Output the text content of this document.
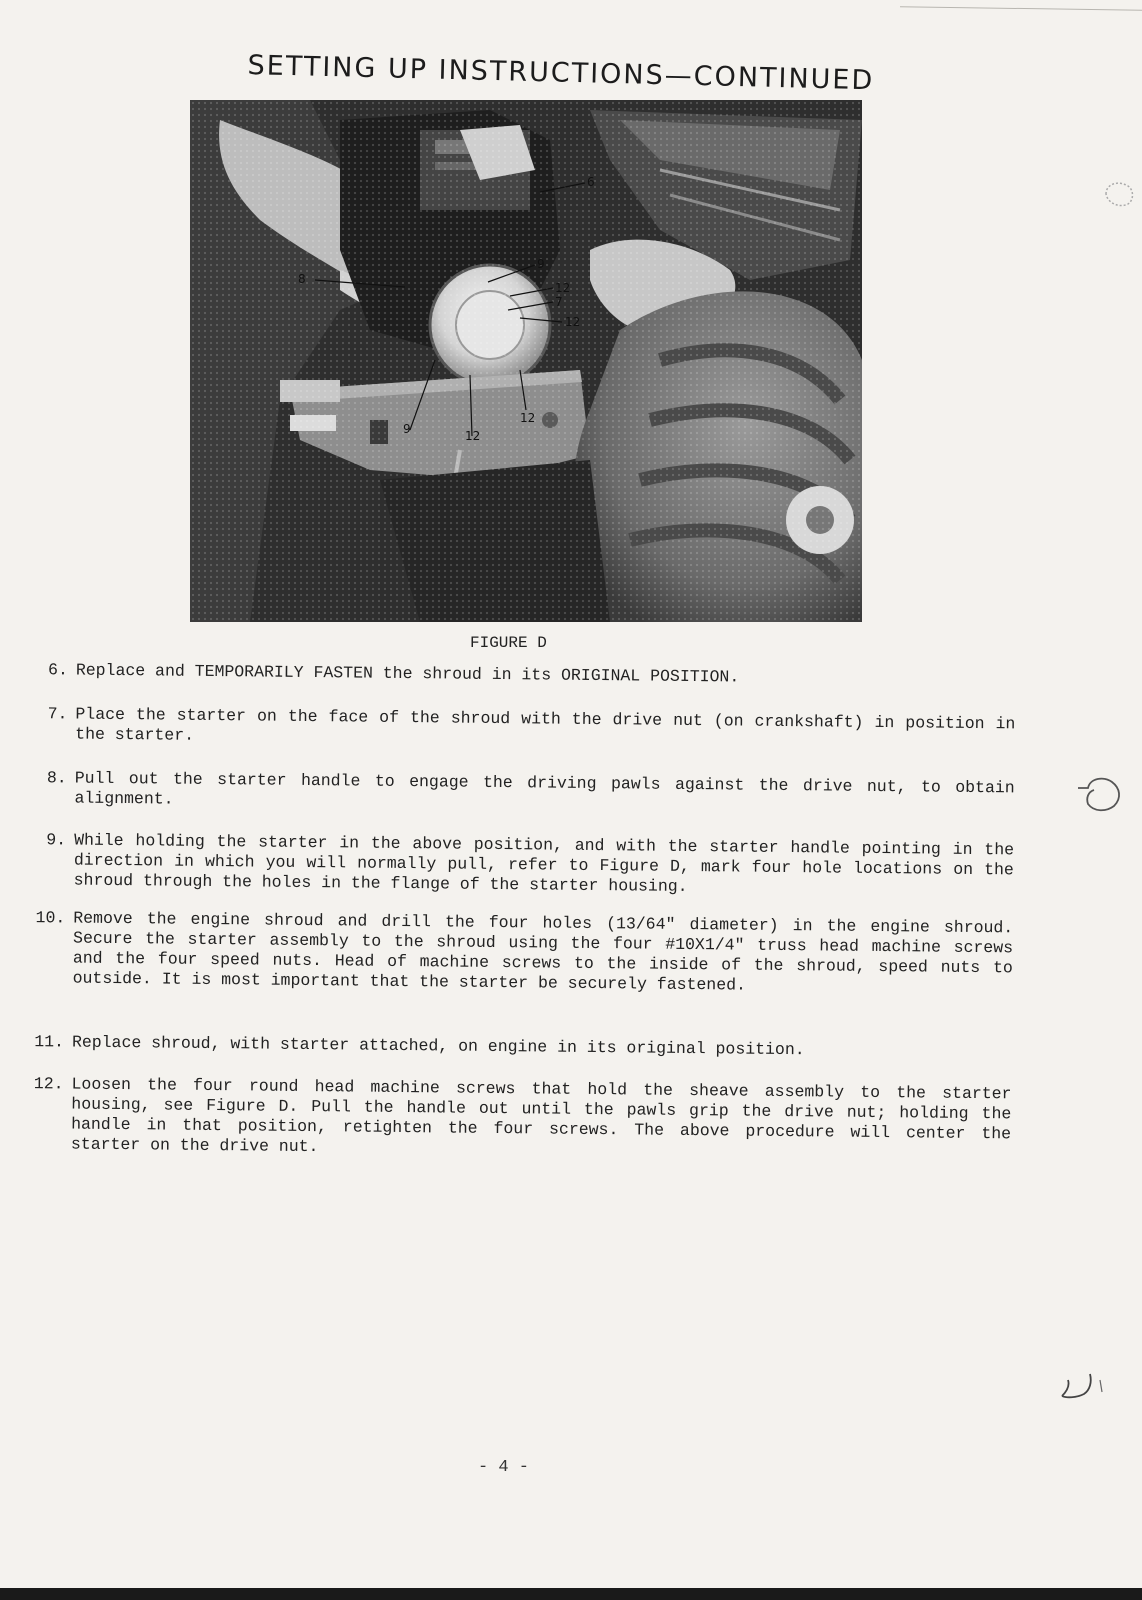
SETTING UP INSTRUCTIONS—CONTINUED
6
8
9
12
7
12
12
9	12
FIGURE D
6. Replace and TEMPORARILY FASTEN the shroud in its ORIGINAL POSITION.
7. Place the starter on the face of the shroud with the drive nut (on crankshaft) in position in the starter.
8. Pull out the starter handle to engage the driving pawls against the drive nut, to obtain alignment.
9. While holding the starter in the above position, and with the starter handle pointing in the direction in which you will normally pull, refer to Figure D, mark four hole locations on the shroud through the holes in the flange of the starter housing.
10. Remove the engine shroud and drill the four holes (13/64" diameter) in the engine shroud. Secure the starter assembly to the shroud using the four #10X1/4" truss head machine screws and the four speed nuts. Head of machine screws to the inside of the shroud, speed nuts to outside. It is most important that the starter be securely fastened.
11. Replace shroud, with starter attached, on engine in its original position.
12. Loosen the four round head machine screws that hold the sheave assembly to the starter housing, see Figure D. Pull the handle out until the pawls grip the drive nut; holding the handle in that position, retighten the four screws. The above procedure will center the starter on the drive nut.
- 4 -
